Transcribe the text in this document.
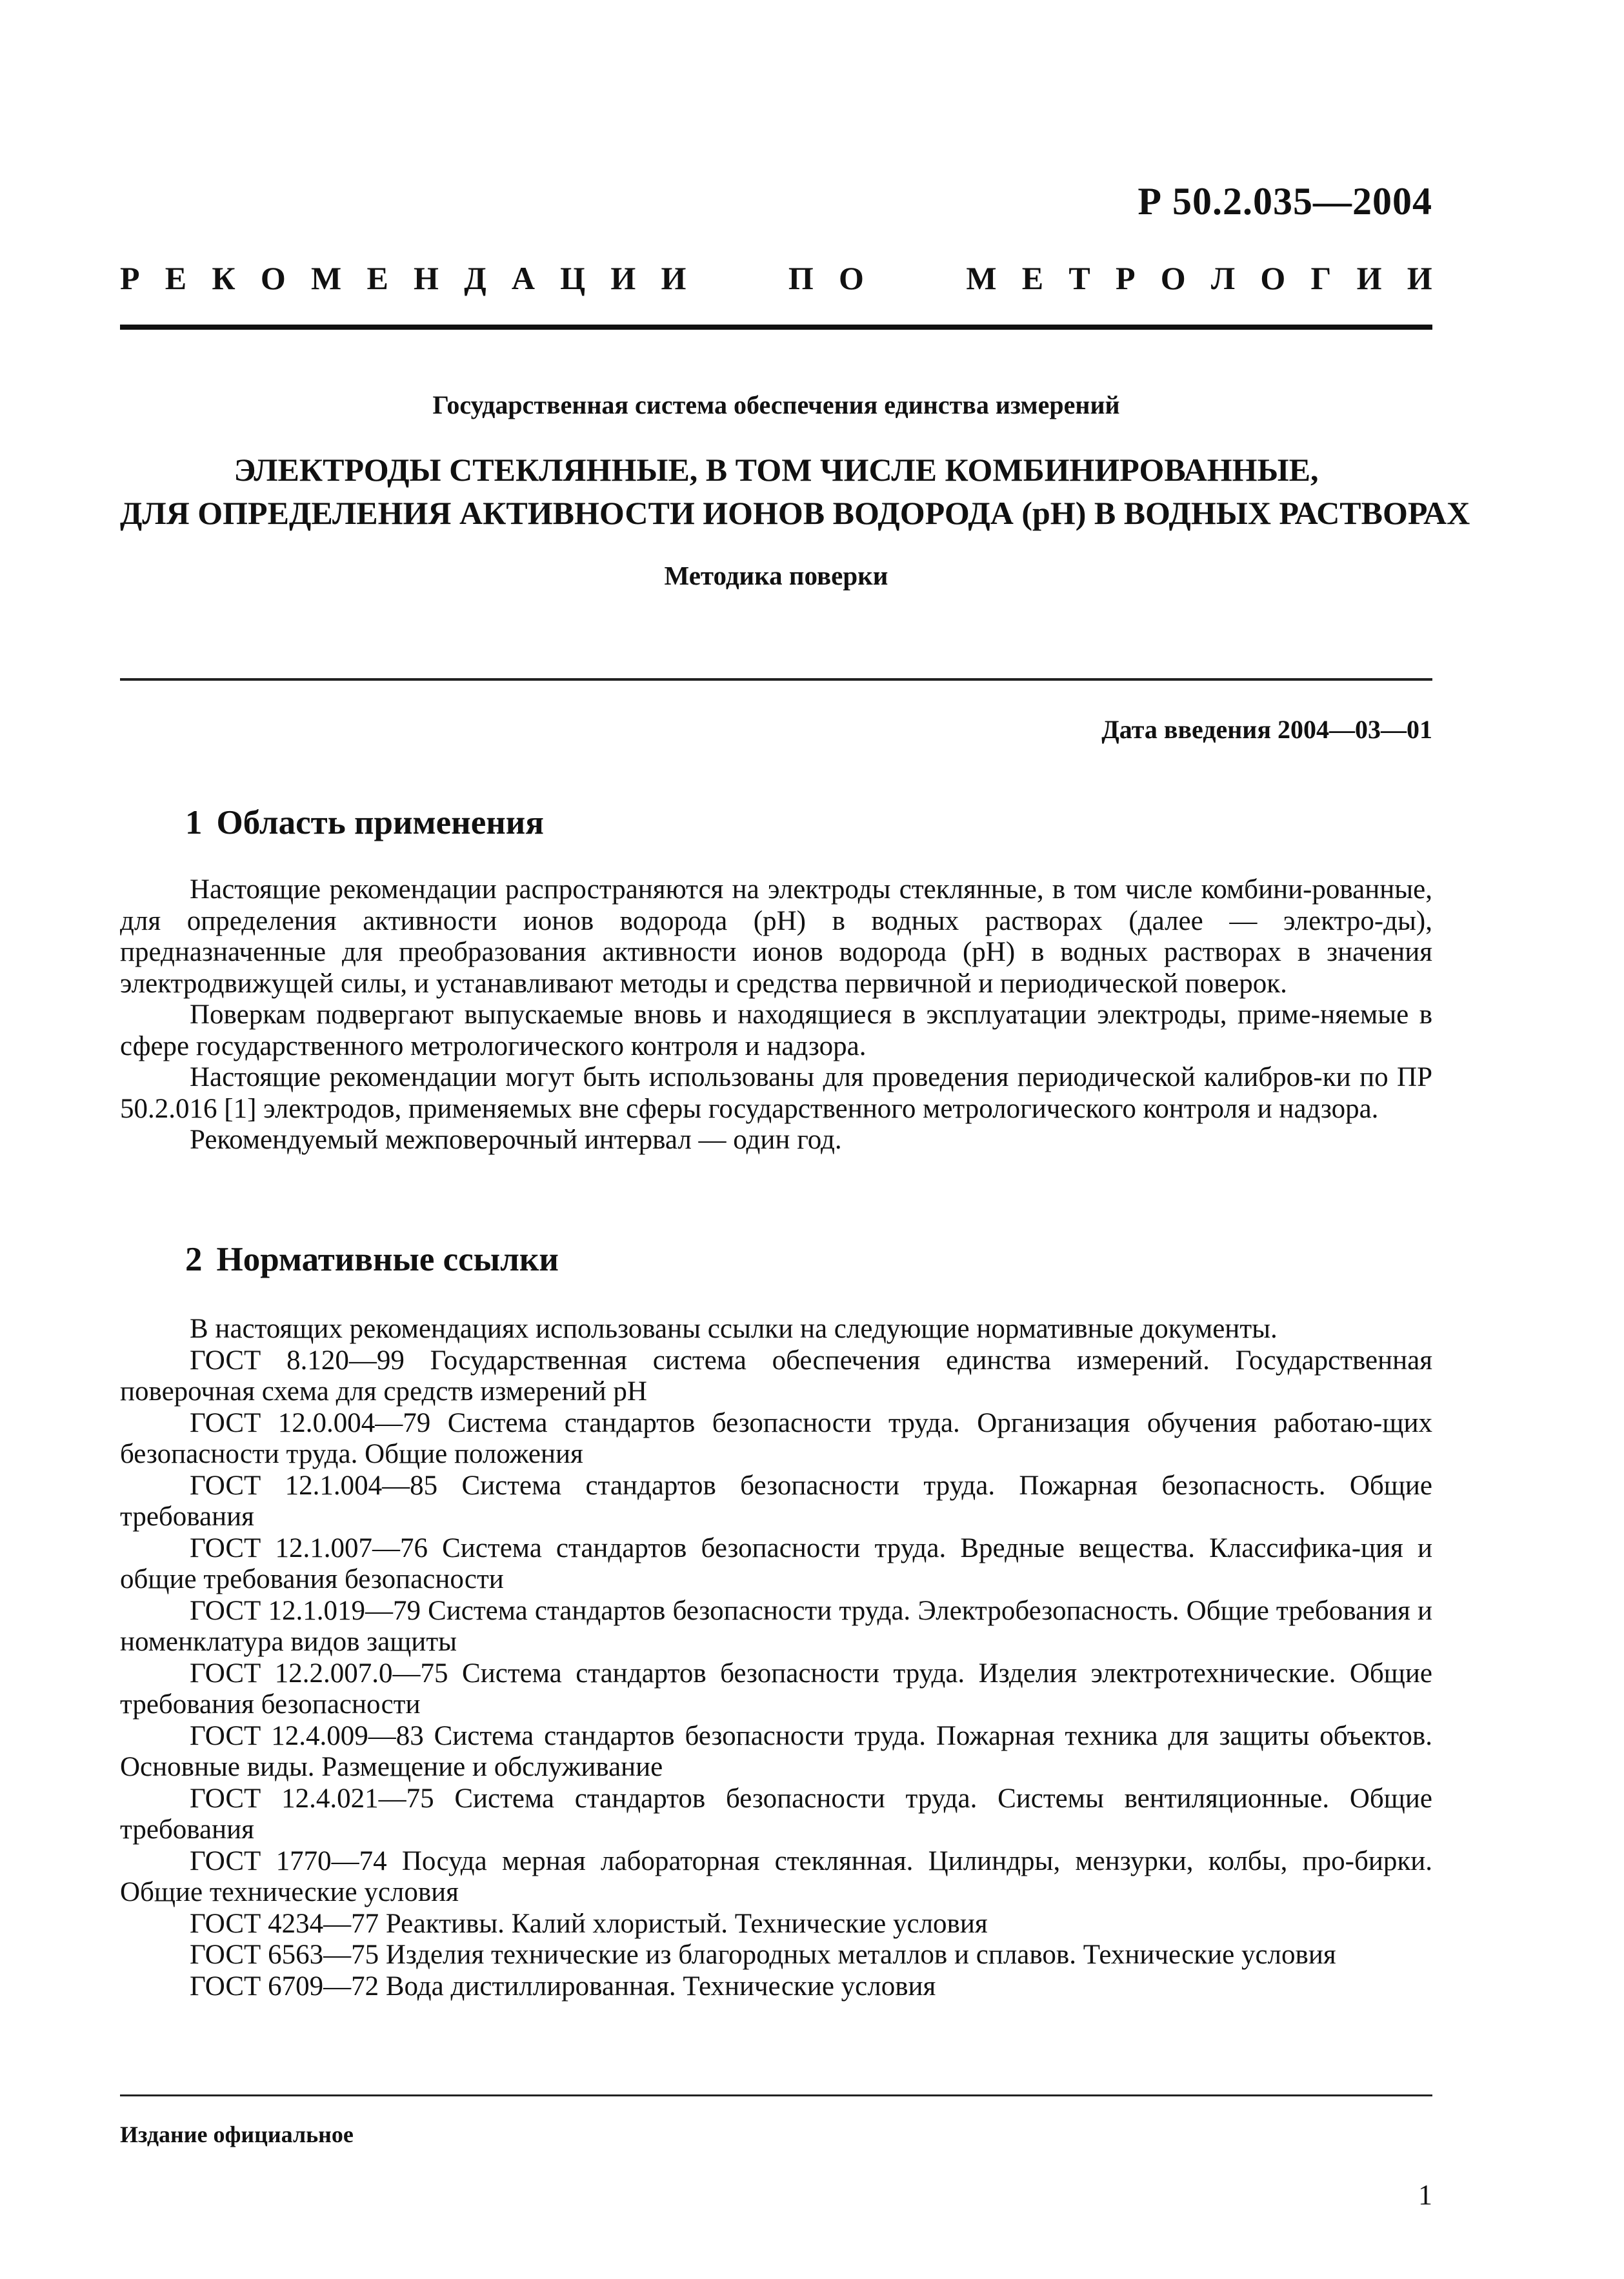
Р 50.2.035—2004
Р Е К О М Е Н Д А Ц И И	П О	М Е Т Р О Л О Г И И
Государственная система обеспечения единства измерений
ЭЛЕКТРОДЫ СТЕКЛЯННЫЕ, В ТОМ ЧИСЛЕ КОМБИНИРОВАННЫЕ,
ДЛЯ ОПРЕДЕЛЕНИЯ АКТИВНОСТИ ИОНОВ ВОДОРОДА (рН) В ВОДНЫХ РАСТВОРАХ
Методика поверки
Дата введения 2004—03—01
1 Область применения

Настоящие рекомендации распространяются на электроды стеклянные, в том числе комбини-рованные, для определения активности ионов водорода (рН) в водных растворах (далее — электро-ды), предназначенные для преобразования активности ионов водорода (рН) в водных растворах в значения электродвижущей силы, и устанавливают методы и средства первичной и периодической поверок.

Поверкам подвергают выпускаемые вновь и находящиеся в эксплуатации электроды, приме-няемые в сфере государственного метрологического контроля и надзора.

Настоящие рекомендации могут быть использованы для проведения периодической калибров-ки по ПР 50.2.016 [1] электродов, применяемых вне сферы государственного метрологического контроля и надзора.

Рекомендуемый межповерочный интервал — один год.

2 Нормативные ссылки

В настоящих рекомендациях использованы ссылки на следующие нормативные документы.

ГОСТ 8.120—99 Государственная система обеспечения единства измерений. Государственная поверочная схема для средств измерений рН

ГОСТ 12.0.004—79 Система стандартов безопасности труда. Организация обучения работаю-щих безопасности труда. Общие положения

ГОСТ 12.1.004—85 Система стандартов безопасности труда. Пожарная безопасность. Общие требования

ГОСТ 12.1.007—76 Система стандартов безопасности труда. Вредные вещества. Классифика-ция и общие требования безопасности

ГОСТ 12.1.019—79 Система стандартов безопасности труда. Электробезопасность. Общие требования и номенклатура видов защиты

ГОСТ 12.2.007.0—75 Система стандартов безопасности труда. Изделия электротехнические. Общие требования безопасности

ГОСТ 12.4.009—83 Система стандартов безопасности труда. Пожарная техника для защиты объектов. Основные виды. Размещение и обслуживание

ГОСТ 12.4.021—75 Система стандартов безопасности труда. Системы вентиляционные. Общие требования

ГОСТ 1770—74 Посуда мерная лабораторная стеклянная. Цилиндры, мензурки, колбы, про-бирки. Общие технические условия

ГОСТ 4234—77 Реактивы. Калий хлористый. Технические условия

ГОСТ 6563—75 Изделия технические из благородных металлов и сплавов. Технические условия

ГОСТ 6709—72 Вода дистиллированная. Технические условия

Издание официальное
1
